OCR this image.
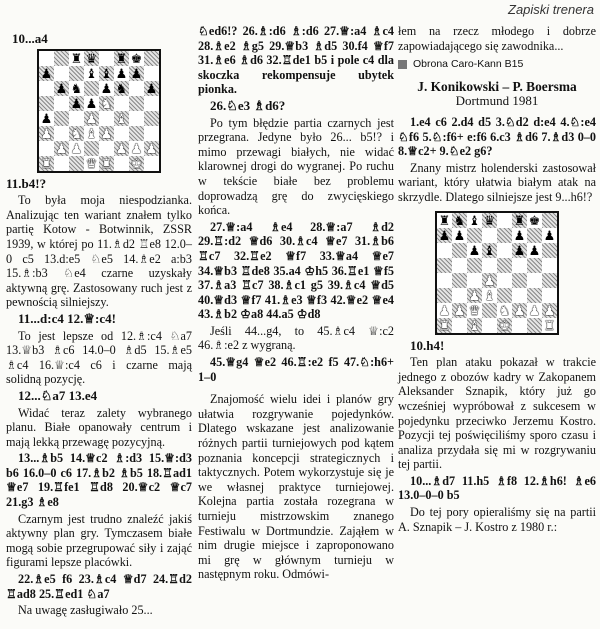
Zapiski trenera
10...a4
♜ ♛ ♜ ♚
♟	♝ ♝ ♟ ♟
♟ ♞ ♟ ♞ ♟
♟ ♟ ♞
♟	♟ ♝
♟ ♞ ♝ ♟
♟ ♟	♟ ♟ ♟
♜	♛ ♜ ♚
11.b4!?

To była moja niespodzianka. Analizując ten wariant znałem tylko partię Kotow - Botwinnik, ZSSR 1939, w której po 11.♗d2 ♖e8 12.0–0 c5 13.d:e5 ♘e5 14.♗e2 a:b3 15.♗:b3 ♘e4 czarne uzyskały aktywną grę. Zastosowany ruch jest z pewnością silniejszy.

11...d:c4 12.♕:c4!

To jest lepsze od 12.♗:c4 ♘a7 13.♕b3 ♗c6 14.0–0 ♗d5 15.♗e5 ♗c4 16.♕:c4 c6 i czarne mają solidną pozycję.

12...♘a7 13.e4

Widać teraz zalety wybranego planu. Białe opanowały centrum i mają lekką przewagę pozycyjną.

13...♗b5 14.♕c2 ♗:d3 15.♕:d3 b6 16.0–0 c6 17.♗b2 ♗b5 18.♖ad1 ♕e7 19.♖fe1 ♖d8 20.♕c2 ♕c7 21.g3 ♗e8

Czarnym jest trudno znaleźć jakiś aktywny plan gry. Tymczasem białe mogą sobie przegrupować siły i zająć figurami lepsze placówki.

22.♗e5 f6 23.♗c4 ♕d7 24.♖d2 ♖ad8 25.♖ed1 ♘a7

Na uwagę zasługiwało 25...

♘ed6!? 26.♗:d6 ♗:d6 27.♕:a4 ♗c4 28.♗e2 ♗g5 29.♕b3 ♗d5 30.f4 ♕f7 31.♗e6 ♗d6 32.♖de1 b5 i pole c4 dla skoczka rekompensuje ubytek pionka.

26.♘e3 ♗d6?

Po tym błędzie partia czarnych jest przegrana. Jedyne było 26... b5!? i mimo przewagi białych, nie widać klarownej drogi do wygranej. Po ruchu w tekście białe bez problemu doprowadzą grę do zwycięskiego końca.

27.♕:a4 ♗e4 28.♕:a7 ♗d2 29.♖:d2 ♕d6 30.♗c4 ♕e7 31.♗b6 ♖c7 32.♖e2 ♕f7 33.♕a4 ♕e7 34.♕b3 ♖de8 35.a4 ♔h5 36.♖e1 ♕f5 37.♗a3 ♖c7 38.♗c1 g5 39.♗c4 ♕d5 40.♕d3 ♕f7 41.♗e3 ♕f3 42.♕e2 ♕e4 43.♗b2 ♔a8 44.a5 ♔d8

Jeśli 44...g4, to 45.♗c4 ♕:c2 46.♗:e2 z wygraną.

45.♕g4 ♕e2 46.♖:e2 f5 47.♘:h6+ 1–0

Znajomość wielu idei i planów gry ułatwia rozgrywanie pojedynków. Dlatego wskazane jest analizowanie różnych partii turniejowych pod kątem poznania koncepcji strategicznych i taktycznych. Potem wykorzystuje się je we własnej praktyce turniejowej. Kolejna partia została rozegrana w turnieju mistrzowskim znanego Festiwalu w Dortmundzie. Zająłem w nim drugie miejsce i zaproponowano mi grę w głównym turnieju w następnym roku. Odmówi-

łem na rzecz młodego i dobrze zapowiadającego się zawodnika...

Obrona Caro-Kann B15
J. Konikowski – P. Boersma
Dortmund 1981

1.e4 c6 2.d4 d5 3.♘d2 d:e4 4.♘:e4 ♘f6 5.♘:f6+ e:f6 6.c3 ♗d6 7.♗d3 0–0 8.♕c2+ 9.♘e2 g6?

Znany mistrz holenderski zastosował wariant, który ułatwia białym atak na skrzydle. Dlatego silniejsze jest 9...h6!?

♜ ♞ ♝ ♛ ♜ ♚
♟ ♟	♟ ♟
♟ ♝ ♟ ♟
♟
♟ ♝
♟ ♟ ♛ ♞ ♟ ♟ ♟
♜ ♝ ♚	♜
10.h4!

Ten plan ataku pokazał w trakcie jednego z obozów kadry w Zakopanem Aleksander Sznapik, który już go wcześniej wypróbował z sukcesem w pojedynku przeciwko Jerzemu Kostro. Pozycji tej poświęciliśmy sporo czasu i analiza przydała się mi w rozgrywaniu tej partii.

10...♗d7 11.h5 ♗f8 12.♗h6! ♗e6 13.0–0–0 b5

Do tej pory opieraliśmy się na partii A. Sznapik – J. Kostro z 1980 r.:
